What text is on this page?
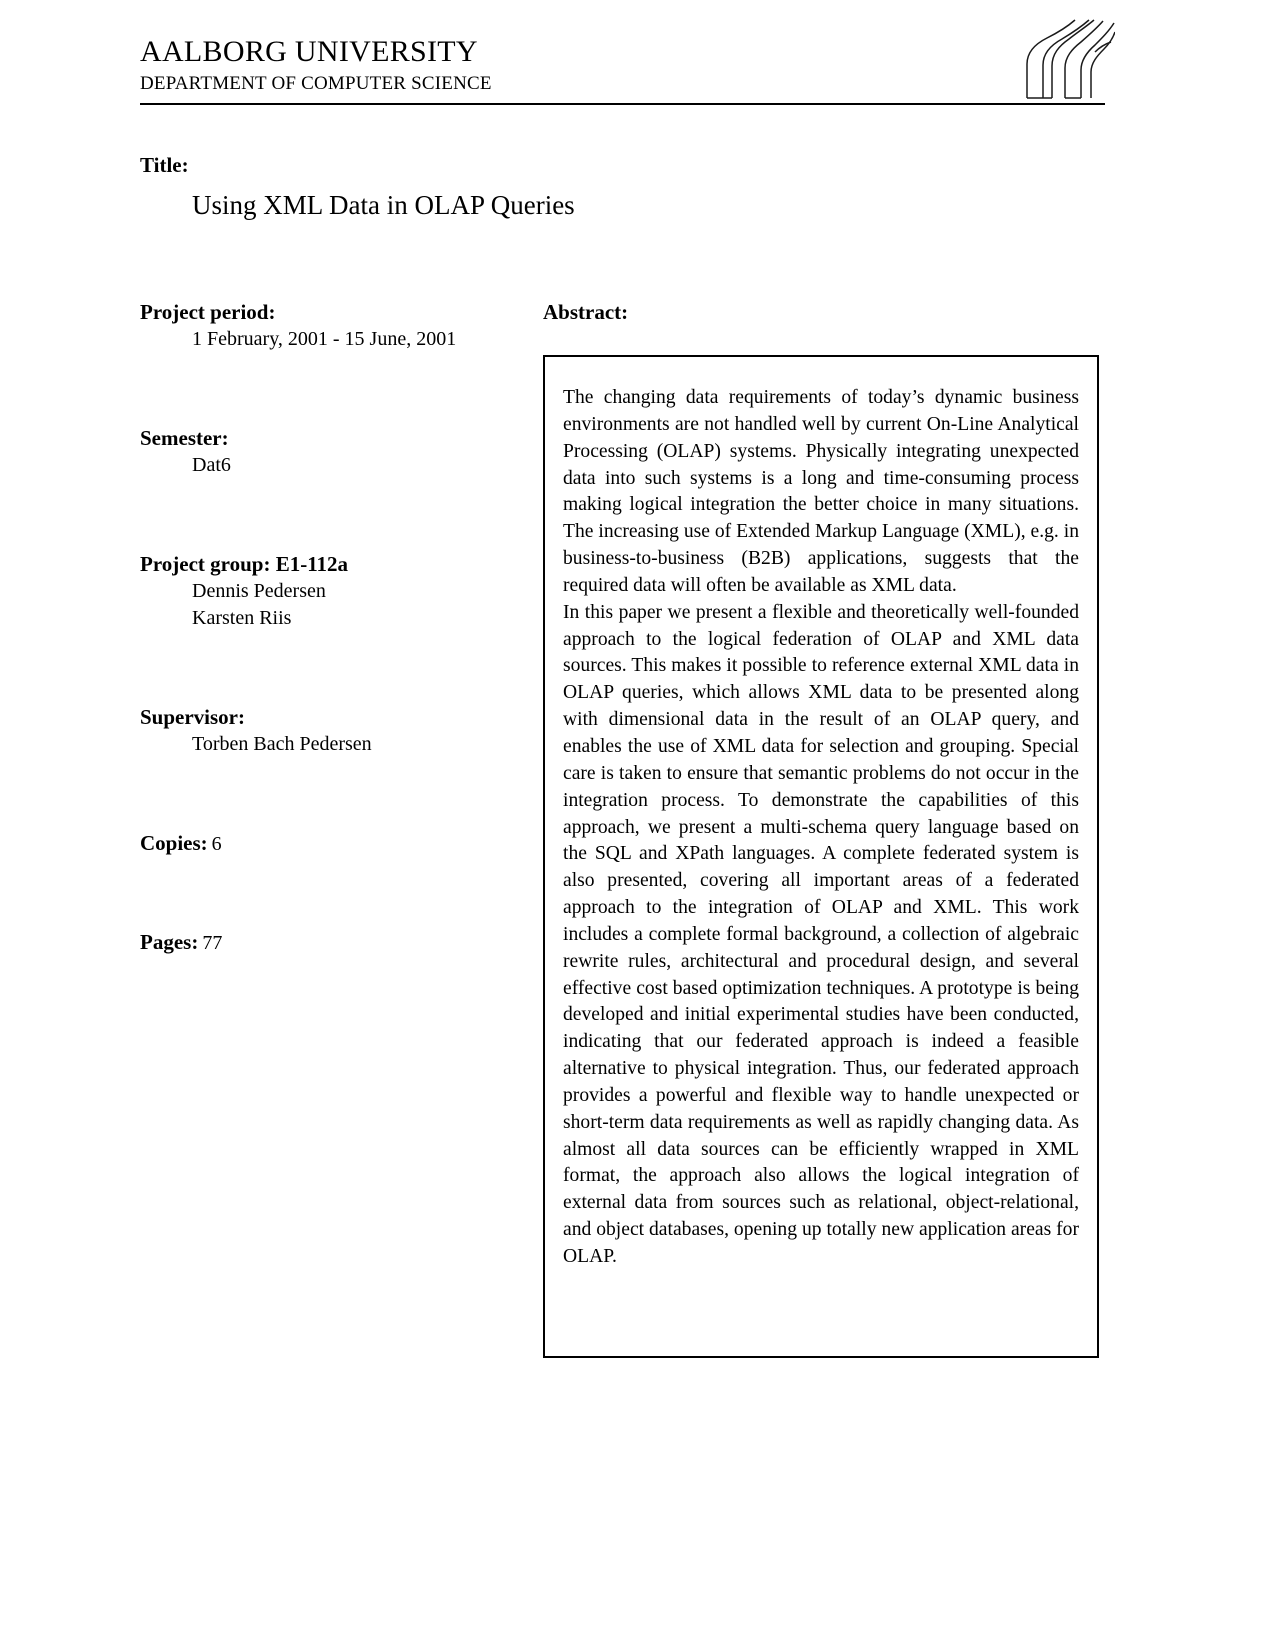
AALBORG UNIVERSITY
DEPARTMENT OF COMPUTER SCIENCE
Title:
Using XML Data in OLAP Queries
Project period:
1 February, 2001 - 15 June, 2001
Semester:
Dat6
Project group: E1-112a
Dennis Pedersen
Karsten Riis
Supervisor:
Torben Bach Pedersen
Copies: 6
Pages: 77
Abstract:

The changing data requirements of today’s dynamic business environments are not handled well by current On-Line Analytical Processing (OLAP) systems. Physically integrating unexpected data into such systems is a long and time-consuming process making logical integration the better choice in many situations. The increasing use of Extended Markup Language (XML), e.g. in business-to-business (B2B) applications, suggests that the required data will often be available as XML data.

In this paper we present a flexible and theoretically well-founded approach to the logical federation of OLAP and XML data sources. This makes it possible to reference external XML data in OLAP queries, which allows XML data to be presented along with dimensional data in the result of an OLAP query, and enables the use of XML data for selection and grouping. Special care is taken to ensure that semantic problems do not occur in the integration process. To demonstrate the capabilities of this approach, we present a multi-schema query language based on the SQL and XPath languages. A complete federated system is also presented, covering all important areas of a federated approach to the integration of OLAP and XML. This work includes a complete formal background, a collection of algebraic rewrite rules, architectural and procedural design, and several effective cost based optimization techniques. A prototype is being developed and initial experimental studies have been conducted, indicating that our federated approach is indeed a feasible alternative to physical integration. Thus, our federated approach provides a powerful and flexible way to handle unexpected or short-term data requirements as well as rapidly changing data. As almost all data sources can be efficiently wrapped in XML format, the approach also allows the logical integration of external data from sources such as relational, object-relational, and object databases, opening up totally new application areas for OLAP.
